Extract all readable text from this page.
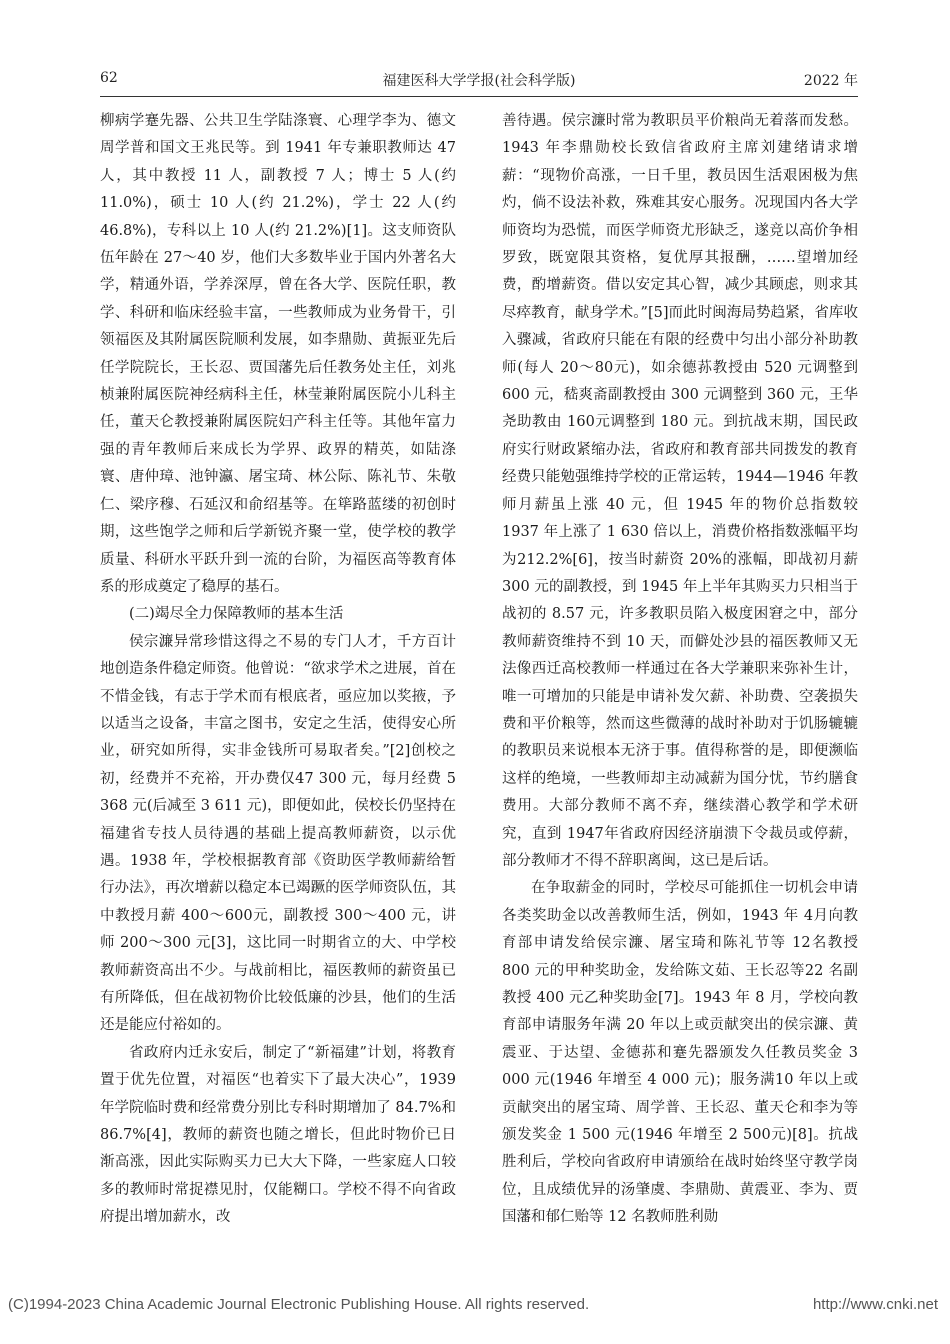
62	福建医科大学学报(社会科学版)	2022 年

柳病学蹇先器、公共卫生学陆涤寰、心理学李为、德文周学普和国文王兆民等。到 1941 年专兼职教师达 47 人，其中教授 11 人，副教授 7 人；博士 5 人(约 11.0%)，硕士 10 人(约 21.2%)，学士 22 人(约 46.8%)，专科以上 10 人(约 21.2%)[1]。这支师资队伍年龄在 27～40 岁，他们大多数毕业于国内外著名大学，精通外语，学养深厚，曾在各大学、医院任职，教学、科研和临床经验丰富，一些教师成为业务骨干，引领福医及其附属医院顺利发展，如李鼎勋、黄振亚先后任学院院长，王长忍、贾国藩先后任教务处主任，刘兆桢兼附属医院神经病科主任，林莹兼附属医院小儿科主任，董天仑教授兼附属医院妇产科主任等。其他年富力强的青年教师后来成长为学界、政界的精英，如陆涤寰、唐仲璋、池钟瀛、屠宝琦、林公际、陈礼节、朱敬仁、梁序穆、石延汉和俞绍基等。在筚路蓝缕的初创时期，这些饱学之师和后学新锐齐聚一堂，使学校的教学质量、科研水平跃升到一流的台阶，为福医高等教育体系的形成奠定了稳厚的基石。

(二)竭尽全力保障教师的基本生活

侯宗濂异常珍惜这得之不易的专门人才，千方百计地创造条件稳定师资。他曾说：“欲求学术之进展，首在不惜金钱，有志于学术而有根底者，亟应加以奖掖，予以适当之设备，丰富之图书，安定之生活，使得安心所业，研究如所得，实非金钱所可易取者矣。”[2]创校之初，经费并不充裕，开办费仅47 300 元，每月经费 5 368 元(后减至 3 611 元)，即便如此，侯校长仍坚持在福建省专技人员待遇的基础上提高教师薪资，以示优遇。1938 年，学校根据教育部《资助医学教师薪给暂行办法》，再次增薪以稳定本已竭蹶的医学师资队伍，其中教授月薪 400～600元，副教授 300～400 元，讲师 200～300 元[3]，这比同一时期省立的大、中学校教师薪资高出不少。与战前相比，福医教师的薪资虽已有所降低，但在战初物价比较低廉的沙县，他们的生活还是能应付裕如的。

省政府内迁永安后，制定了“新福建”计划，将教育置于优先位置，对福医“也着实下了最大决心”，1939 年学院临时费和经常费分别比专科时期增加了 84.7%和 86.7%[4]，教师的薪资也随之增长，但此时物价已日渐高涨，因此实际购买力已大大下降，一些家庭人口较多的教师时常捉襟见肘，仅能糊口。学校不得不向省政府提出增加薪水，改

善待遇。侯宗濂时常为教职员平价粮尚无着落而发愁。1943 年李鼎勋校长致信省政府主席刘建绪请求增薪：“现物价高涨，一日千里，教员因生活艰困极为焦灼，倘不设法补救，殊难其安心服务。况现国内各大学师资均为恐慌，而医学师资尤形缺乏，遂竞以高价争相罗致，既宽限其资格，复优厚其报酬，……望增加经费，酌增薪资。借以安定其心智，减少其顾虑，则求其尽瘁教育，献身学术。”[5]而此时闽海局势趋紧，省库收入骤减，省政府只能在有限的经费中匀出小部分补助教师(每人 20～80元)，如余德荪教授由 520 元调整到 600 元，嵇爽斋副教授由 300 元调整到 360 元，王华尧助教由 160元调整到 180 元。到抗战末期，国民政府实行财政紧缩办法，省政府和教育部共同拨发的教育经费只能勉强维持学校的正常运转，1944—1946 年教师月薪虽上涨 40 元，但 1945 年的物价总指数较 1937 年上涨了 1 630 倍以上，消费价格指数涨幅平均为212.2%[6]，按当时薪资 20%的涨幅，即战初月薪300 元的副教授，到 1945 年上半年其购买力只相当于战初的 8.57 元，许多教职员陷入极度困窘之中，部分教师薪资维持不到 10 天，而僻处沙县的福医教师又无法像西迁高校教师一样通过在各大学兼职来弥补生计，唯一可增加的只能是申请补发欠薪、补助费、空袭损失费和平价粮等，然而这些微薄的战时补助对于饥肠辘辘的教职员来说根本无济于事。值得称誉的是，即便濒临这样的绝境，一些教师却主动减薪为国分忧，节约膳食费用。大部分教师不离不弃，继续潜心教学和学术研究，直到 1947年省政府因经济崩溃下令裁员或停薪，部分教师才不得不辞职离闽，这已是后话。

在争取薪金的同时，学校尽可能抓住一切机会申请各类奖助金以改善教师生活，例如，1943 年 4月向教育部申请发给侯宗濂、屠宝琦和陈礼节等 12名教授 800 元的甲种奖助金，发给陈文茹、王长忍等22 名副教授 400 元乙种奖助金[7]。1943 年 8 月，学校向教育部申请服务年满 20 年以上或贡献突出的侯宗濂、黄震亚、于达望、金德荪和蹇先器颁发久任教员奖金 3 000 元(1946 年增至 4 000 元)；服务满10 年以上或贡献突出的屠宝琦、周学普、王长忍、董天仑和李为等颁发奖金 1 500 元(1946 年增至 2 500元)[8]。抗战胜利后，学校向省政府申请颁给在战时始终坚守教学岗位，且成绩优异的汤肇虞、李鼎勋、黄震亚、李为、贾国藩和郁仁贻等 12 名教师胜利勋

(C)1994-2023 China Academic Journal Electronic Publishing House. All rights reserved.	http://www.cnki.net
